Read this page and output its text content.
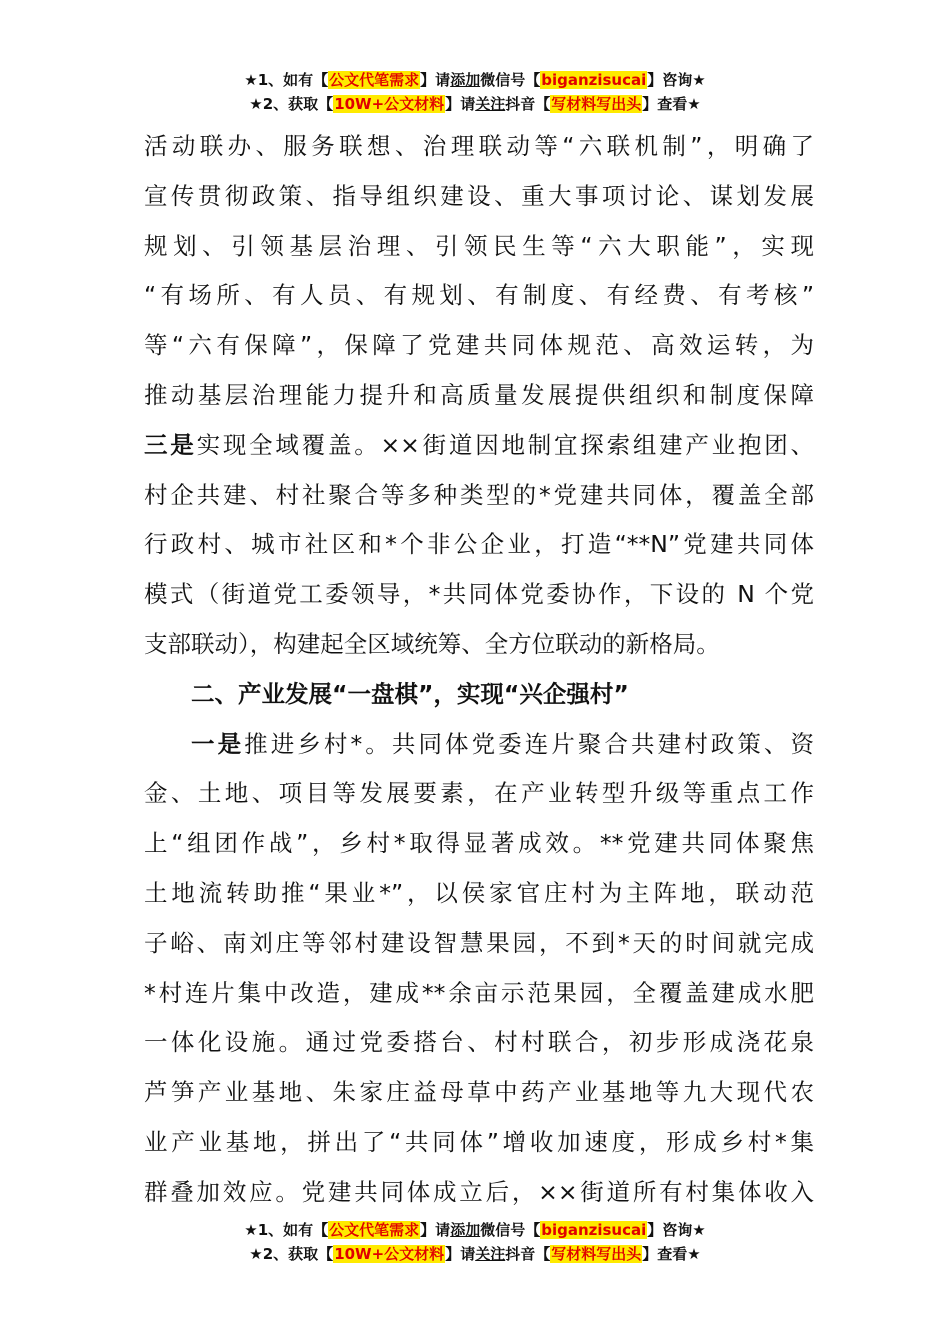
★1、如有【公文代笔需求】请添加微信号【biganzisucai】咨询★
★2、获取【10W+公文材料】请关注抖音【写材料写出头】查看★
活动联办、服务联想、治理联动等“六联机制”，明确了
宣传贯彻政策、指导组织建设、重大事项讨论、谋划发展
规划、引领基层治理、引领民生等“六大职能”，实现
“有场所、有人员、有规划、有制度、有经费、有考核”
等“六有保障”，保障了党建共同体规范、高效运转，为
推动基层治理能力提升和高质量发展提供组织和制度保障
三是实现全域覆盖。××街道因地制宜探索组建产业抱团、
村企共建、村社聚合等多种类型的*党建共同体，覆盖全部
行政村、城市社区和*个非公企业，打造“**N”党建共同体
模式（街道党工委领导，*共同体党委协作，下设的 N 个党
支部联动），构建起全区域统筹、全方位联动的新格局。
二、产业发展“一盘棋”，实现“兴企强村”
一是推进乡村*。共同体党委连片聚合共建村政策、资
金、土地、项目等发展要素，在产业转型升级等重点工作
上“组团作战”，乡村*取得显著成效。**党建共同体聚焦
土地流转助推“果业*”，以侯家官庄村为主阵地，联动范
子峪、南刘庄等邻村建设智慧果园，不到*天的时间就完成
*村连片集中改造，建成**余亩示范果园，全覆盖建成水肥
一体化设施。通过党委搭台、村村联合，初步形成浇花泉
芦笋产业基地、朱家庄益母草中药产业基地等九大现代农
业产业基地，拼出了“共同体”增收加速度，形成乡村*集
群叠加效应。党建共同体成立后，××街道所有村集体收入
★1、如有【公文代笔需求】请添加微信号【biganzisucai】咨询★
★2、获取【10W+公文材料】请关注抖音【写材料写出头】查看★
